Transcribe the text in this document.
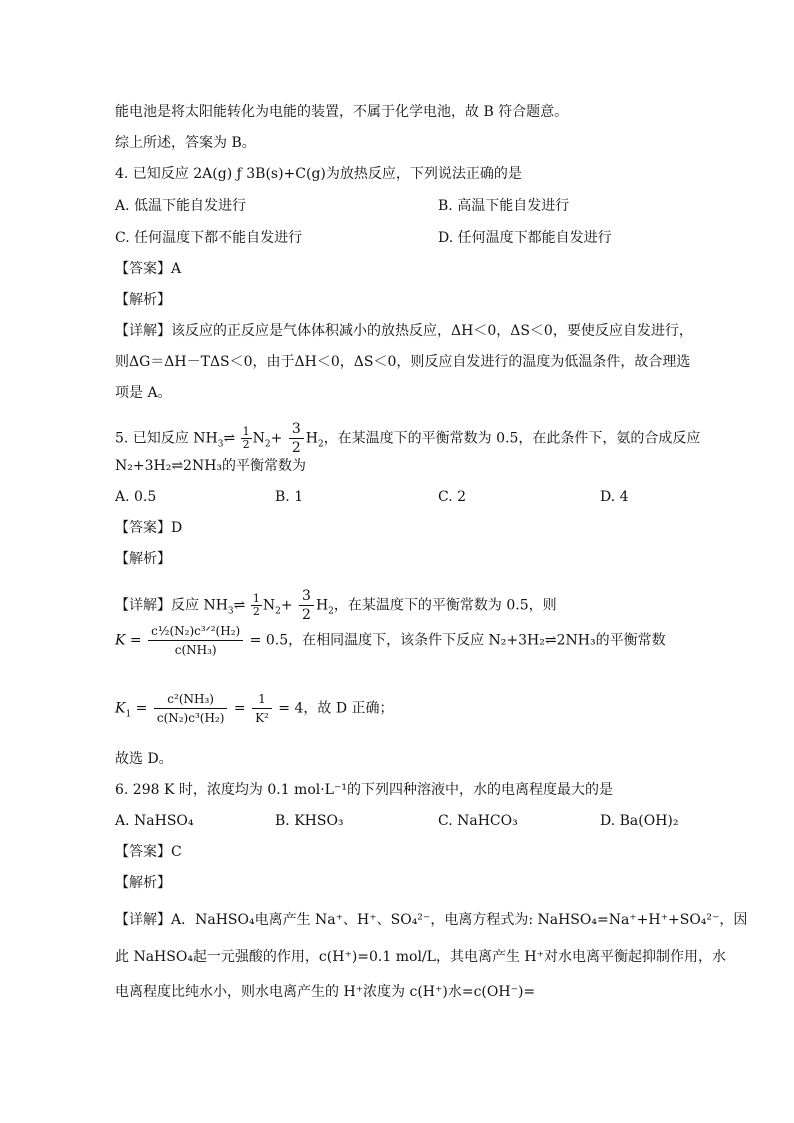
能电池是将太阳能转化为电能的装置，不属于化学电池，故 B 符合题意。
综上所述，答案为 B。
4. 已知反应 2A(g) ƒ 3B(s)+C(g)为放热反应，下列说法正确的是
A. 低温下能自发进行	B. 高温下能自发进行
C. 任何温度下都不能自发进行	D. 任何温度下都能自发进行
【答案】A
【解析】
【详解】该反应的正反应是气体体积减小的放热反应，ΔH＜0，ΔS＜0，要使反应自发进行，
则ΔG＝ΔH－TΔS＜0，由于ΔH＜0，ΔS＜0，则反应自发进行的温度为低温条件，故合理选
项是 A。
5. 已知反应 $NH_3\rightleftharpoons \frac{1}{2} N_2+ \frac{3}{2} H_2$，在某温度下的平衡常数为 0.5，在此条件下，氨的合成反应
N₂+3H₂⇌2NH₃的平衡常数为
A. 0.5	B. 1	C. 2	D. 4
【答案】D
【解析】
【详解】反应 $NH_3\rightleftharpoons \frac{1}{2} N_2+ \frac{3}{2} H_2$，在某温度下的平衡常数为 0.5，则
K =
c½(N₂)c³ᐟ²(H₂)
c(NH₃)
= 0.5，在相同温度下，该条件下反应 N₂+3H₂⇌2NH₃的平衡常数
$K_1 = \frac{\text{c²(NH₃)}}{\text{c(N₂)c³(H₂)}} = \frac{1}{\text{K²}} = 4$，故 D 正确；
故选 D。
6. 298 K 时，浓度均为 0.1 mol·L⁻¹的下列四种溶液中，水的电离程度最大的是
A. NaHSO₄	B. KHSO₃	C. NaHCO₃	D. Ba(OH)₂
【答案】C
【解析】
【详解】A．NaHSO₄电离产生 Na⁺、H⁺、SO₄²⁻，电离方程式为: NaHSO₄=Na⁺+H⁺+SO₄²⁻，因
此 NaHSO₄起一元强酸的作用，c(H⁺)=0.1 mol/L，其电离产生 H⁺对水电离平衡起抑制作用，水
电离程度比纯水小，则水电离产生的 H⁺浓度为 c(H⁺)水=c(OH⁻)=
